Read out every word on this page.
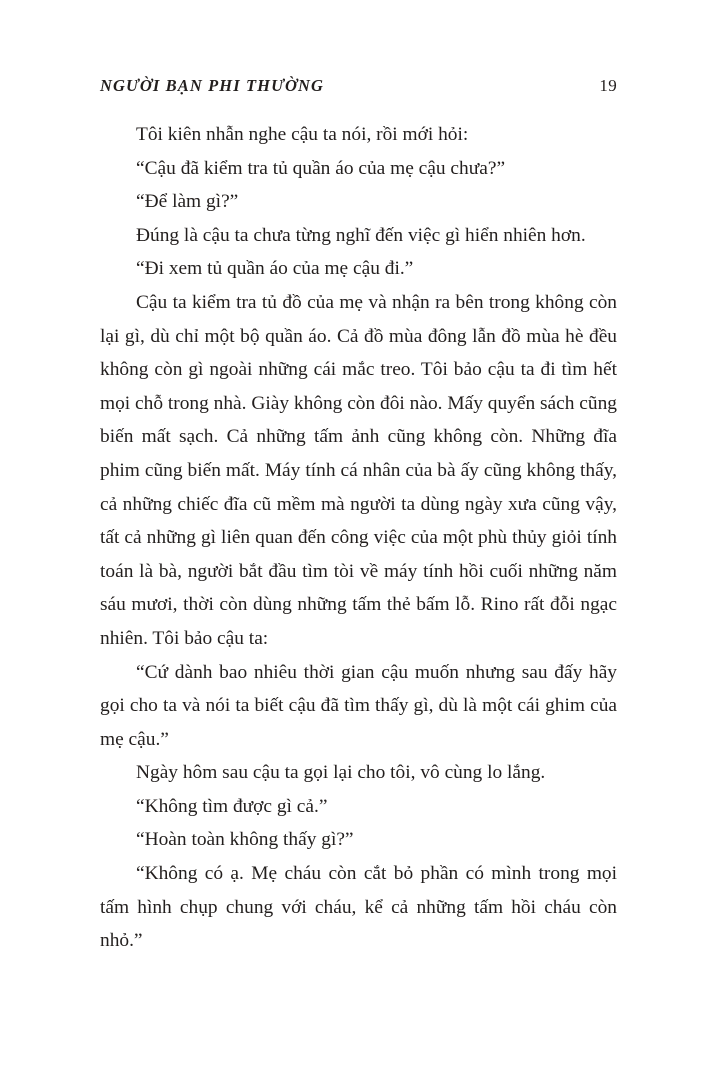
NGƯỜI BẠN PHI THƯỜNG	19

Tôi kiên nhẫn nghe cậu ta nói, rồi mới hỏi:

“Cậu đã kiểm tra tủ quần áo của mẹ cậu chưa?”

“Để làm gì?”

Đúng là cậu ta chưa từng nghĩ đến việc gì hiển nhiên hơn.

“Đi xem tủ quần áo của mẹ cậu đi.”

Cậu ta kiểm tra tủ đồ của mẹ và nhận ra bên trong không còn lại gì, dù chỉ một bộ quần áo. Cả đồ mùa đông lẫn đồ mùa hè đều không còn gì ngoài những cái mắc treo. Tôi bảo cậu ta đi tìm hết mọi chỗ trong nhà. Giày không còn đôi nào. Mấy quyển sách cũng biến mất sạch. Cả những tấm ảnh cũng không còn. Những đĩa phim cũng biến mất. Máy tính cá nhân của bà ấy cũng không thấy, cả những chiếc đĩa cũ mềm mà người ta dùng ngày xưa cũng vậy, tất cả những gì liên quan đến công việc của một phù thủy giỏi tính toán là bà, người bắt đầu tìm tòi về máy tính hồi cuối những năm sáu mươi, thời còn dùng những tấm thẻ bấm lỗ. Rino rất đỗi ngạc nhiên. Tôi bảo cậu ta:

“Cứ dành bao nhiêu thời gian cậu muốn nhưng sau đấy hãy gọi cho ta và nói ta biết cậu đã tìm thấy gì, dù là một cái ghim của mẹ cậu.”

Ngày hôm sau cậu ta gọi lại cho tôi, vô cùng lo lắng.

“Không tìm được gì cả.”

“Hoàn toàn không thấy gì?”

“Không có ạ. Mẹ cháu còn cắt bỏ phần có mình trong mọi tấm hình chụp chung với cháu, kể cả những tấm hồi cháu còn nhỏ.”
